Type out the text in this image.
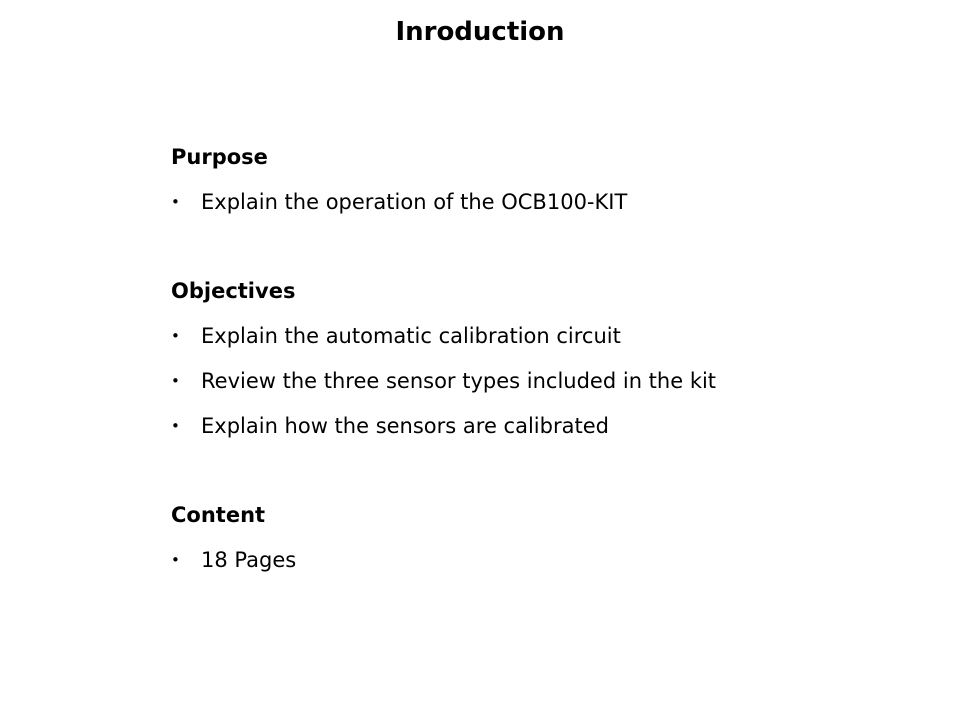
Inroduction
Purpose
• Explain the operation of the OCB100-KIT
Objectives
• Explain the automatic calibration circuit
• Review the three sensor types included in the kit
• Explain how the sensors are calibrated
Content
• 18 Pages
